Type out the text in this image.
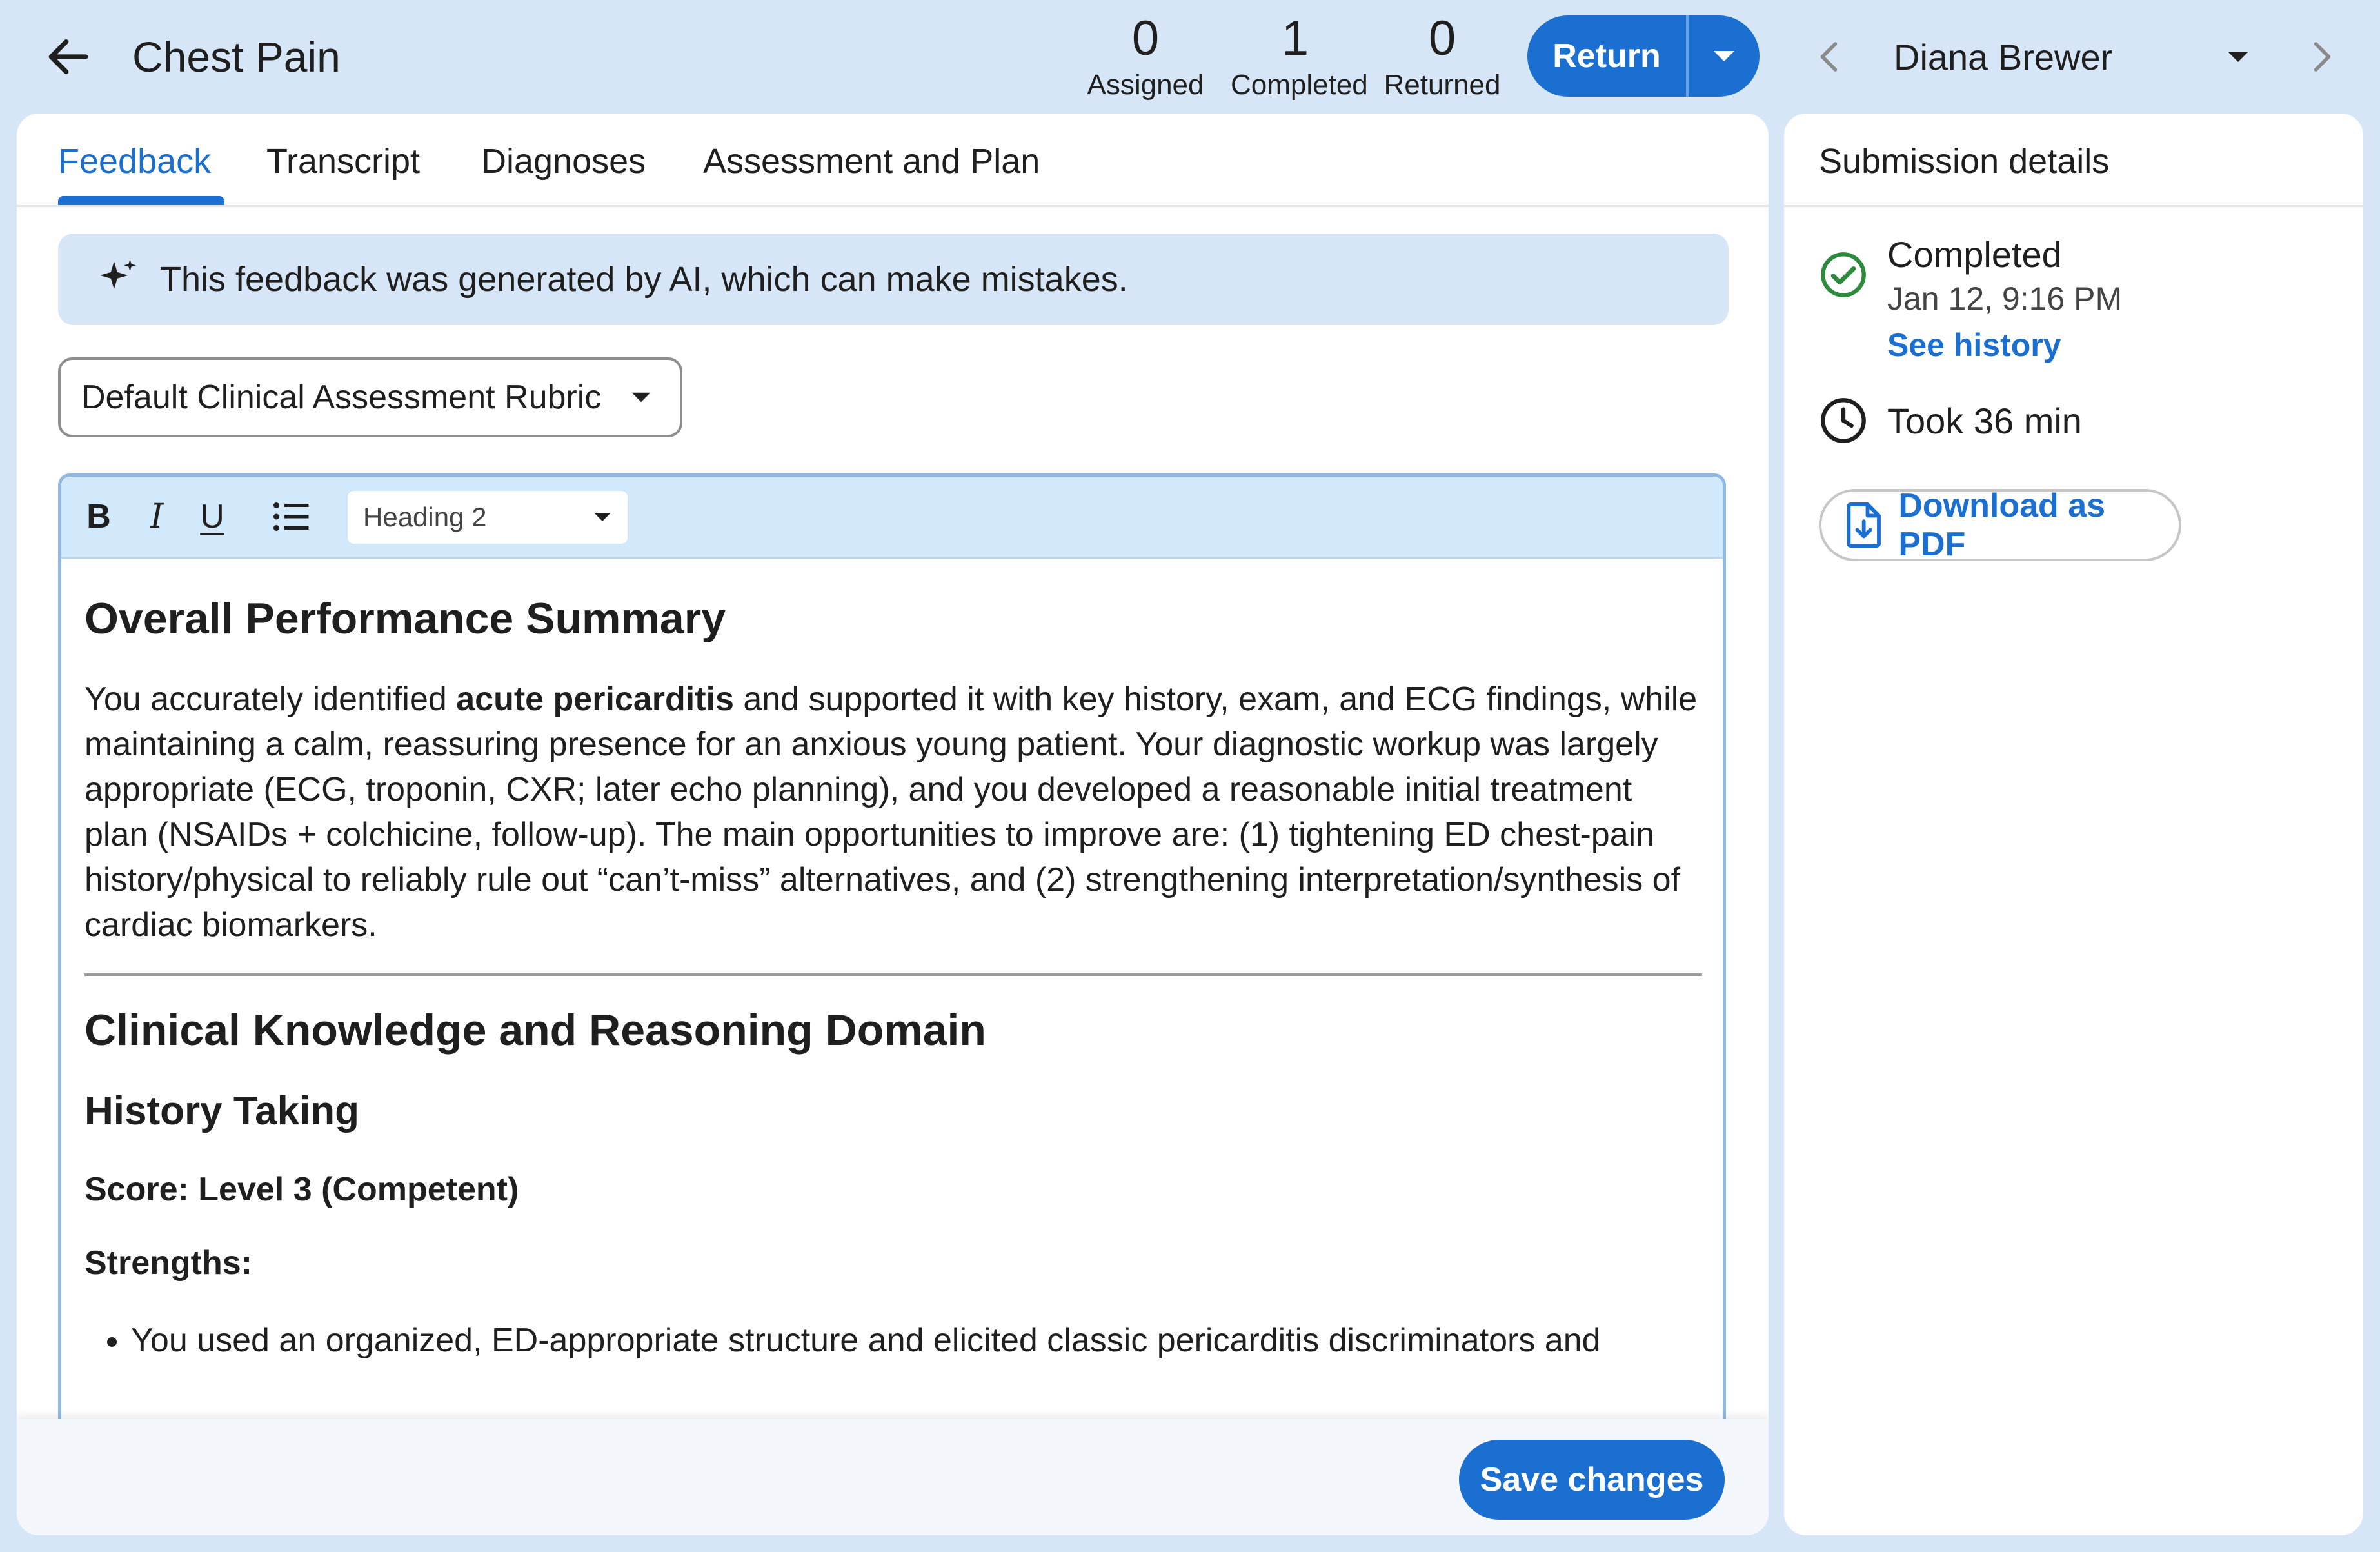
Chest Pain	0
Assigned
1
Completed
0
Returned
Return	Diana Brewer
Feedback Transcript Diagnoses Assessment and Plan
This feedback was generated by AI, which can make mistakes.
Default Clinical Assessment Rubric
B	I	U	Heading 2
Overall Performance Summary

You accurately identified acute pericarditis and supported it with key history, exam, and ECG findings, while maintaining a calm, reassuring presence for an anxious young patient. Your diagnostic workup was largely appropriate (ECG, troponin, CXR; later echo planning), and you developed a reasonable initial treatment plan (NSAIDs + colchicine, follow-up). The main opportunities to improve are: (1) tightening ED chest-pain history/physical to reliably rule out “can’t-miss” alternatives, and (2) strengthening interpretation/synthesis of cardiac biomarkers.

Clinical Knowledge and Reasoning Domain
History Taking

Score: Level 3 (Competent)

Strengths:

• You used an organized, ED-appropriate structure and elicited classic pericarditis discriminators and
Save changes
Submission details
Completed
Jan 12, 9:16 PM
See history
Took 36 min
Download as PDF
